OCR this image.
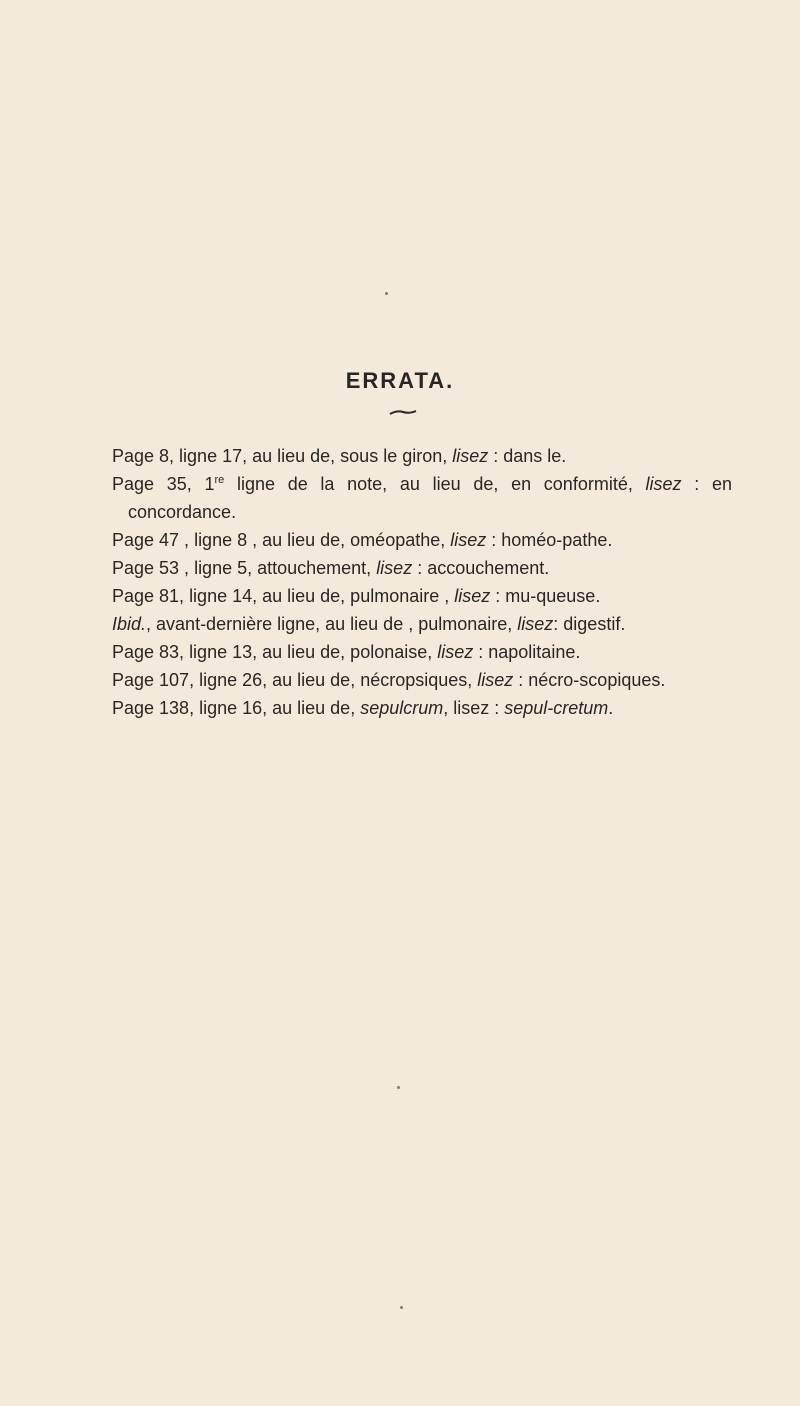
ERRATA.

Page 8, ligne 17, au lieu de, sous le giron, lisez : dans le.

Page 35, 1re ligne de la note, au lieu de, en conformité, lisez : en concordance.

Page 47 , ligne 8 , au lieu de, oméopathe, lisez : homéo-pathe.

Page 53 , ligne 5, attouchement, lisez : accouchement.

Page 81, ligne 14, au lieu de, pulmonaire , lisez : mu-queuse.

Ibid., avant-dernière ligne, au lieu de , pulmonaire, lisez: digestif.

Page 83, ligne 13, au lieu de, polonaise, lisez : napolitaine.

Page 107, ligne 26, au lieu de, nécropsiques, lisez : nécro-scopiques.

Page 138, ligne 16, au lieu de, sepulcrum, lisez : sepul-cretum.
